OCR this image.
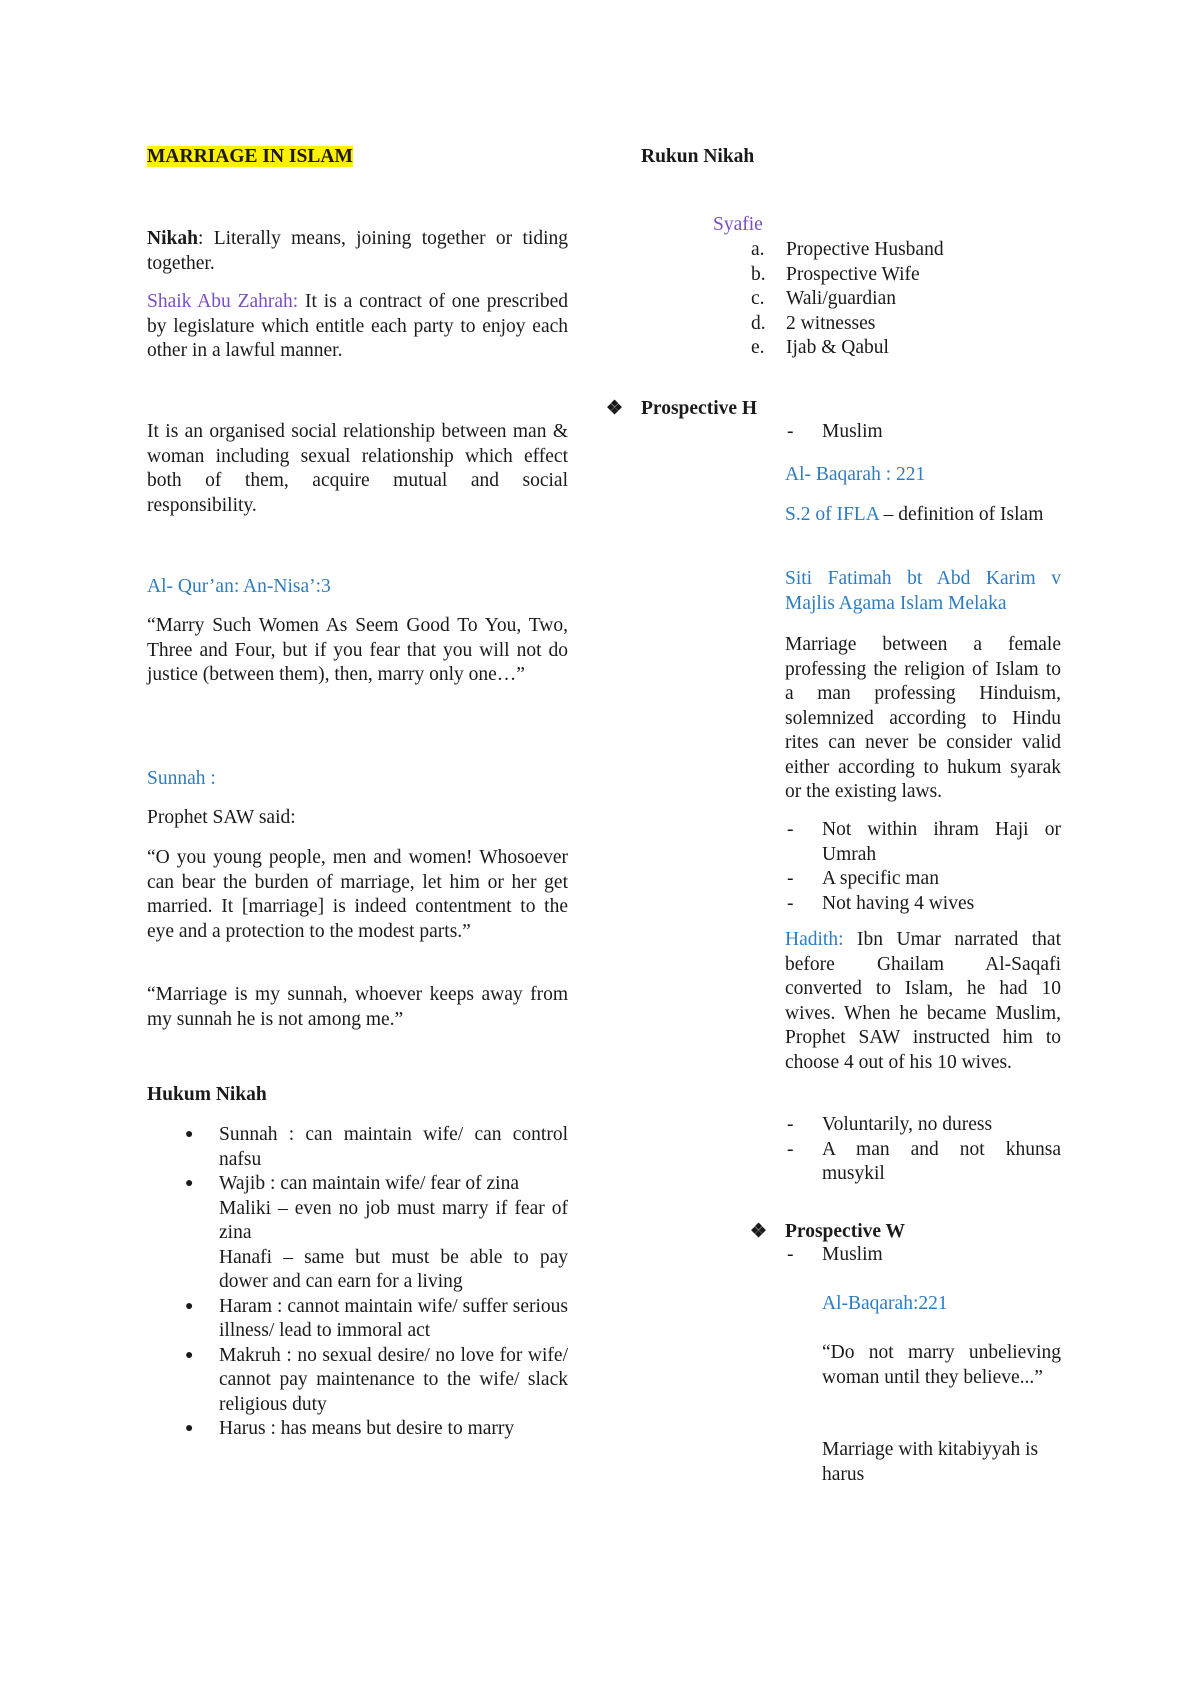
MARRIAGE IN ISLAM
Nikah: Literally means, joining together or tiding together.
Shaik Abu Zahrah: It is a contract of one prescribed by legislature which entitle each party to enjoy each other in a lawful manner.
It is an organised social relationship between man & woman including sexual relationship which effect both of them, acquire mutual and social responsibility.
Al- Qur’an: An-Nisa’:3
“Marry Such Women As Seem Good To You, Two, Three and Four, but if you fear that you will not do justice (between them), then, marry only one…”
Sunnah :
Prophet SAW said:
“O you young people, men and women! Whosoever can bear the burden of marriage, let him or her get married. It [marriage] is indeed contentment to the eye and a protection to the modest parts.”
“Marriage is my sunnah, whoever keeps away from my sunnah he is not among me.”
Hukum Nikah
● Sunnah : can maintain wife/ can control nafsu
● Wajib : can maintain wife/ fear of zina
Maliki – even no job must marry if fear of zina
Hanafi – same but must be able to pay dower and can earn for a living
● Haram : cannot maintain wife/ suffer serious illness/ lead to immoral act
● Makruh : no sexual desire/ no love for wife/ cannot pay maintenance to the wife/ slack religious duty
● Harus : has means but desire to marry
Rukun Nikah
Syafie
a. Propective Husband
b. Prospective Wife
c. Wali/guardian
d. 2 witnesses
e. Ijab & Qabul
❖ Prospective H
- Muslim
Al- Baqarah : 221
S.2 of IFLA – definition of Islam
Siti Fatimah bt Abd Karim v Majlis Agama Islam Melaka
Marriage between a female professing the religion of Islam to a man professing Hinduism, solemnized according to Hindu rites can never be consider valid either according to hukum syarak or the existing laws.
- Not within ihram Haji or Umrah
- A specific man
- Not having 4 wives
Hadith: Ibn Umar narrated that before Ghailam Al-Saqafi converted to Islam, he had 10 wives. When he became Muslim, Prophet SAW instructed him to choose 4 out of his 10 wives.
- Voluntarily, no duress
- A man and not khunsa musykil
❖ Prospective W
- Muslim
Al-Baqarah:221
“Do not marry unbelieving woman until they believe...”
Marriage with kitabiyyah is harus
